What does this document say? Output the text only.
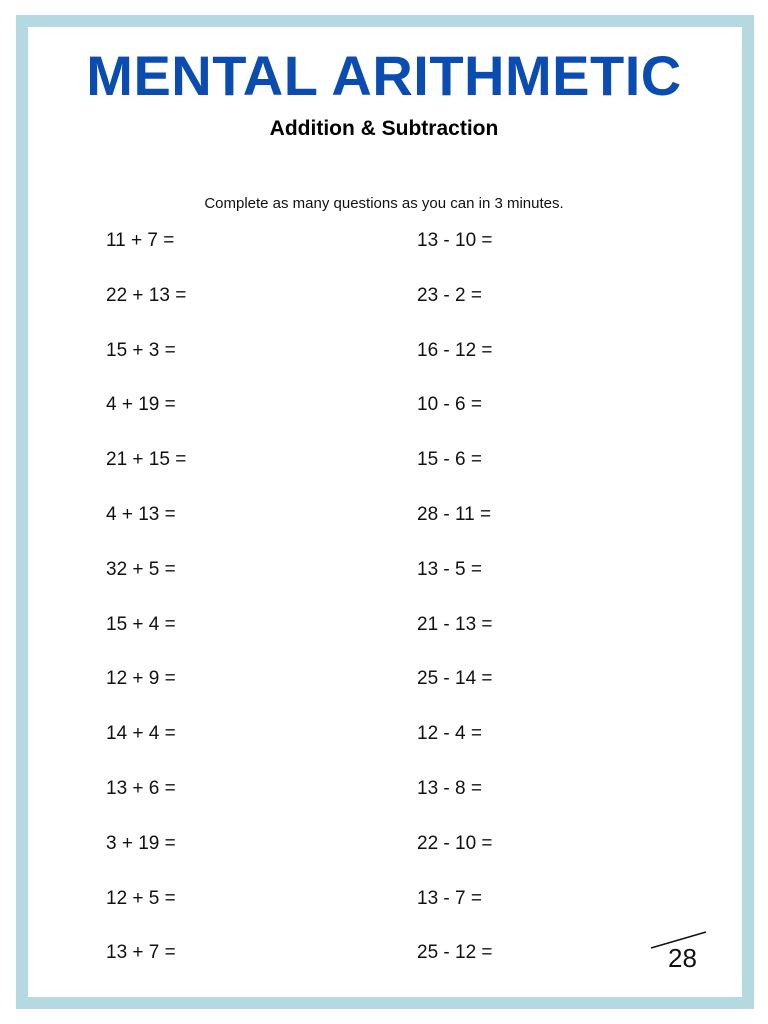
MENTAL ARITHMETIC
Addition & Subtraction

Complete as many questions as you can in 3 minutes.

11 + 7 =
22 + 13 =
15 + 3 =
4 + 19 =
21 + 15 =
4 + 13 =
32 + 5 =
15 + 4 =
12 + 9 =
14 + 4 =
13 + 6 =
3 + 19 =
12 + 5 =
13 + 7 =
13 - 10 =
23 - 2 =
16 - 12 =
10 - 6 =
15 - 6 =
28 - 11 =
13 - 5 =
21 - 13 =
25 - 14 =
12 - 4 =
13 - 8 =
22 - 10 =
13 - 7 =
25 - 12 =	28
